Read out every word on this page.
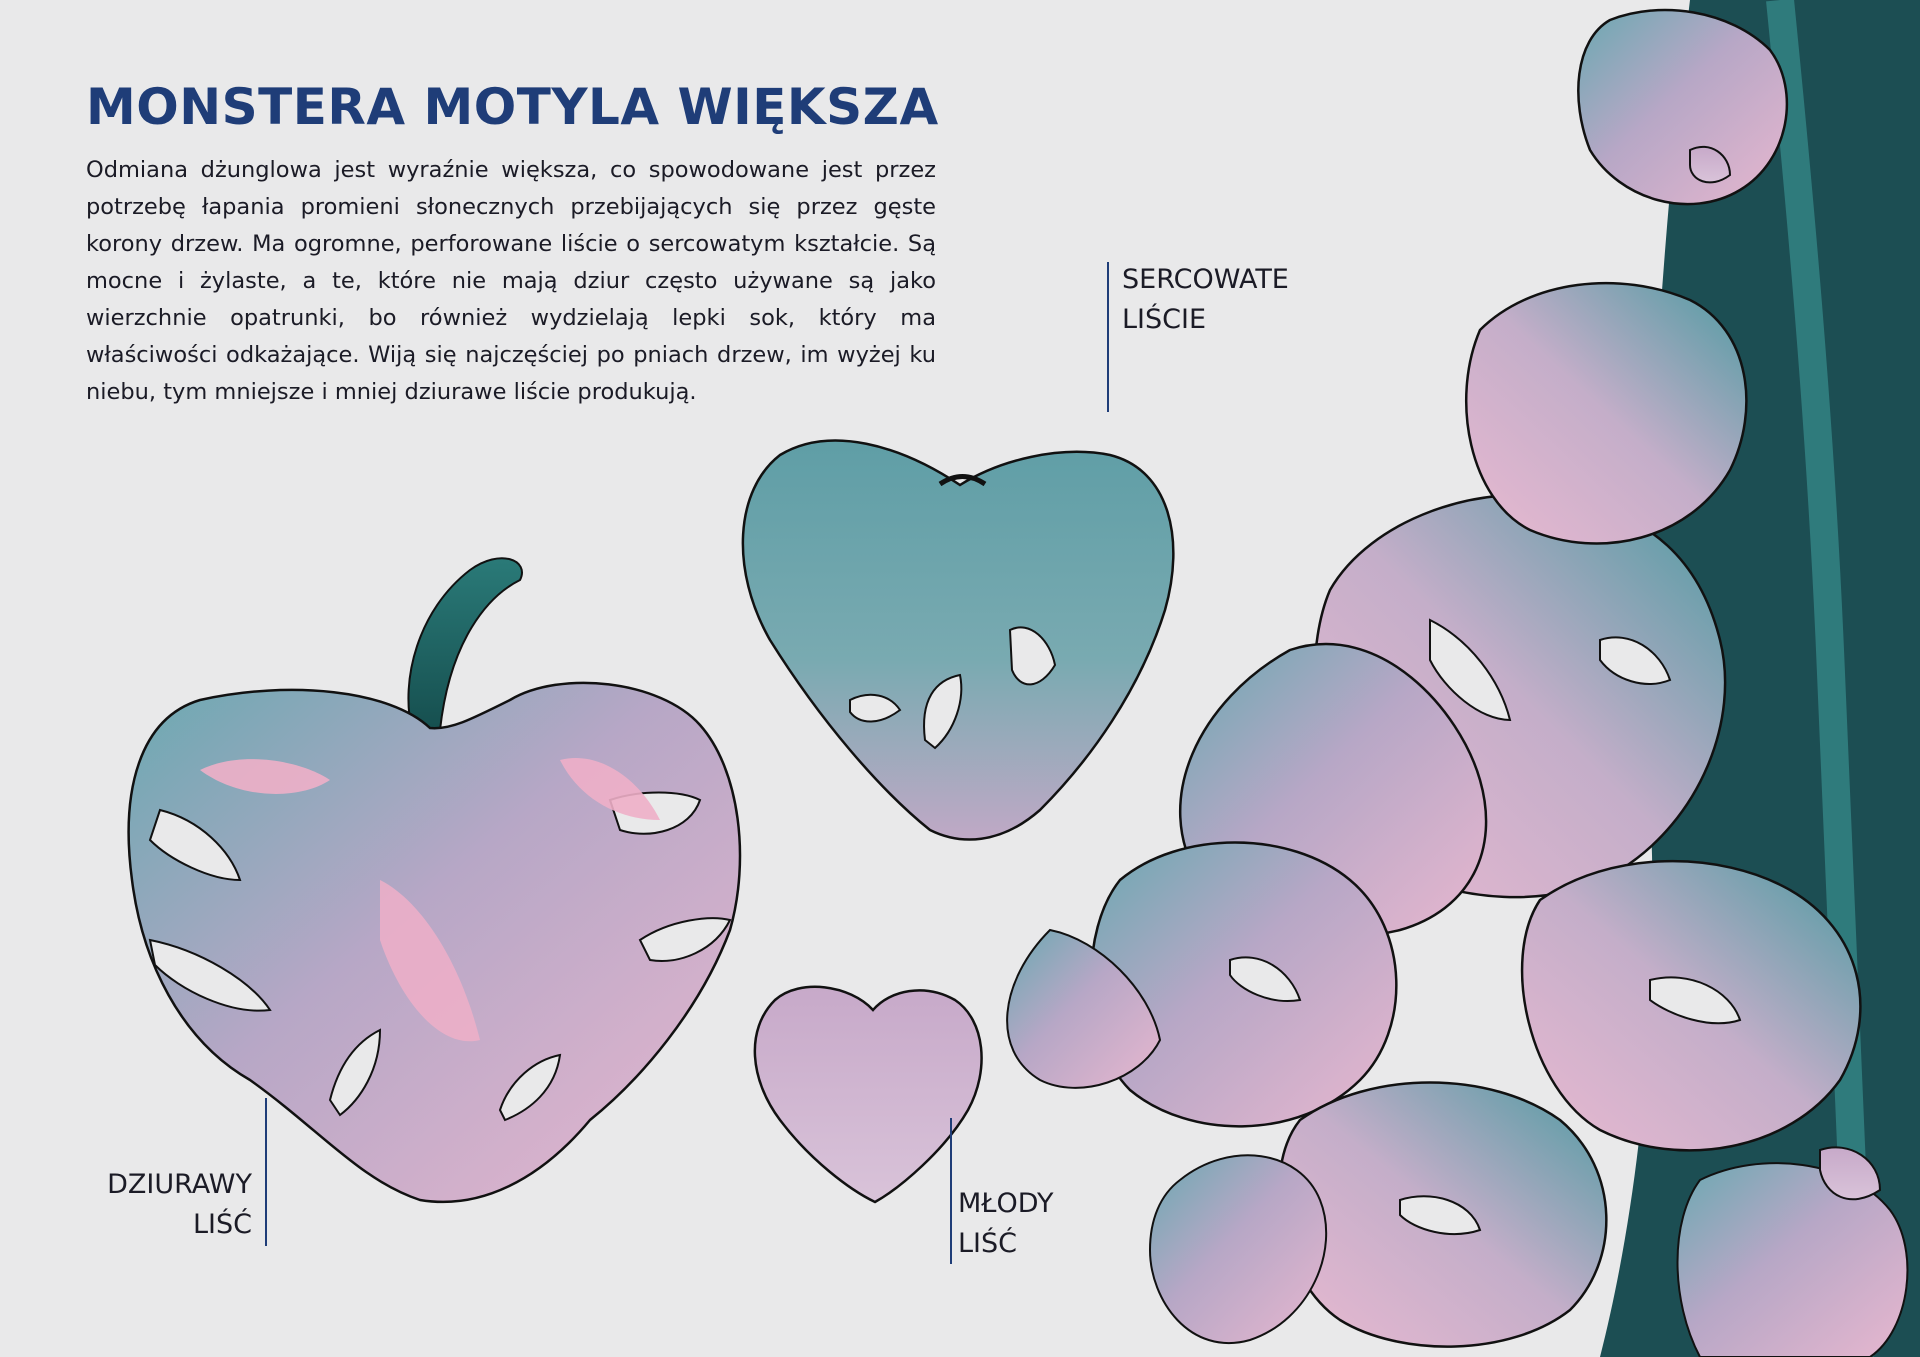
MONSTERA MOTYLA WIĘKSZA

Odmiana dżunglowa jest wyraźnie większa, co spowodowane jest przez potrzebę łapania promieni słonecznych przebijających się przez gęste korony drzew. Ma ogromne, perforowane liście o sercowatym kształcie. Są mocne i żylaste, a te, które nie mają dziur często używane są jako wierzchnie opatrunki, bo również wydzielają lepki sok, który ma właściwości odkażające. Wiją się najczęściej po pniach drzew, im wyżej ku niebu, tym mniejsze i mniej dziurawe liście produkują.

SERCOWATE
LIŚCIE
DZIURAWY
LIŚĆ
MŁODY
LIŚĆ
